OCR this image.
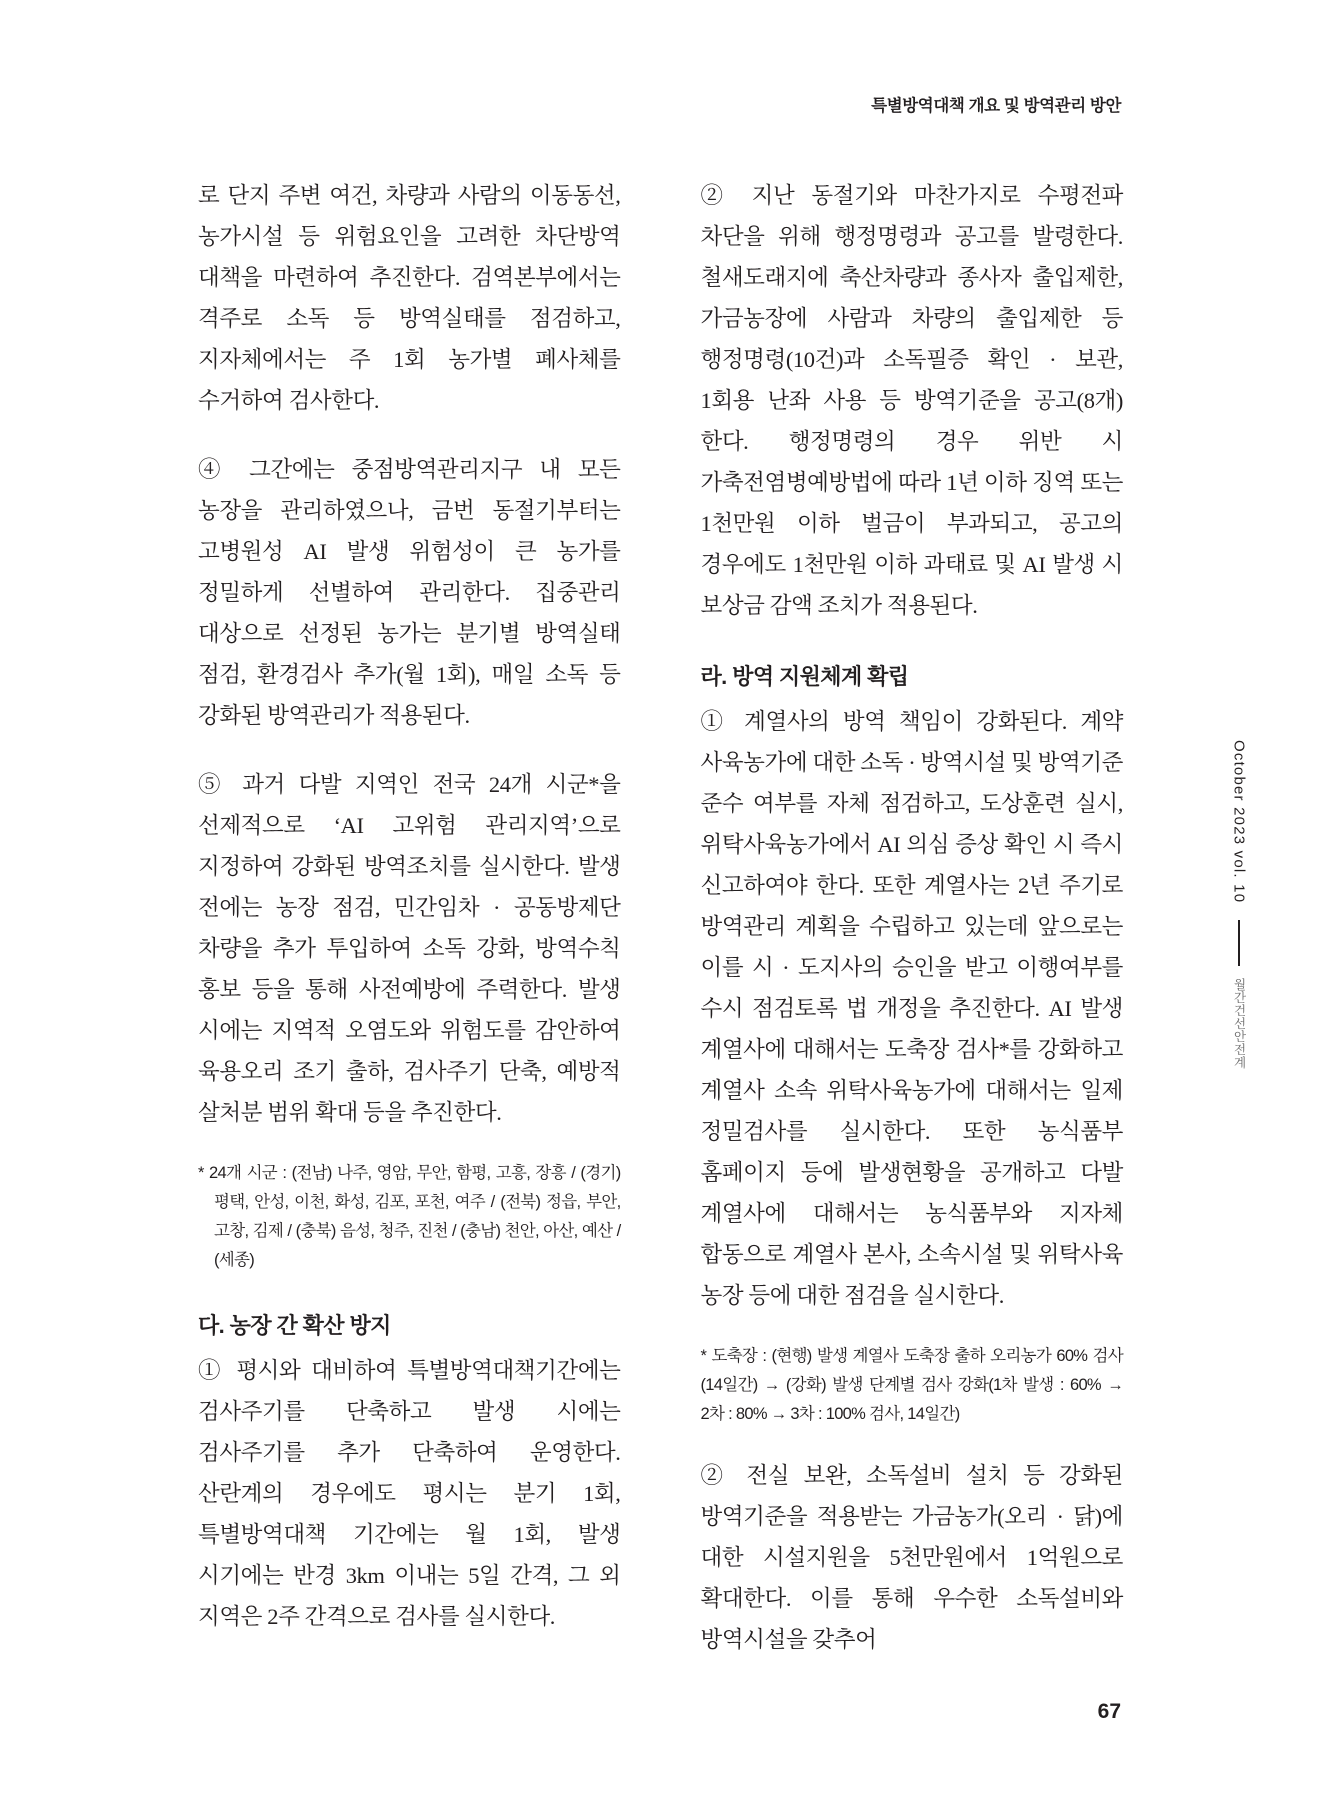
특별방역대책 개요 및 방역관리 방안
October 2023 vol. 10
월간건선안전계

로 단지 주변 여건, 차량과 사람의 이동동선, 농가시설 등 위험요인을 고려한 차단방역 대책을 마련하여 추진한다. 검역본부에서는 격주로 소독 등 방역실태를 점검하고, 지자체에서는 주 1회 농가별 폐사체를 수거하여 검사한다.

④ 그간에는 중점방역관리지구 내 모든 농장을 관리하였으나, 금번 동절기부터는 고병원성 AI 발생 위험성이 큰 농가를 정밀하게 선별하여 관리한다. 집중관리 대상으로 선정된 농가는 분기별 방역실태 점검, 환경검사 추가(월 1회), 매일 소독 등 강화된 방역관리가 적용된다.

⑤ 과거 다발 지역인 전국 24개 시군*을 선제적으로 ‘AI 고위험 관리지역’으로 지정하여 강화된 방역조치를 실시한다. 발생 전에는 농장 점검, 민간임차 · 공동방제단 차량을 추가 투입하여 소독 강화, 방역수칙 홍보 등을 통해 사전예방에 주력한다. 발생 시에는 지역적 오염도와 위험도를 감안하여 육용오리 조기 출하, 검사주기 단축, 예방적 살처분 범위 확대 등을 추진한다.

* 24개 시군 : (전남) 나주, 영암, 무안, 함평, 고흥, 장흥 / (경기) 평택, 안성, 이천, 화성, 김포, 포천, 여주 / (전북) 정읍, 부안, 고창, 김제 / (충북) 음성, 청주, 진천 / (충남) 천안, 아산, 예산 / (세종)

다. 농장 간 확산 방지

① 평시와 대비하여 특별방역대책기간에는 검사주기를 단축하고 발생 시에는 검사주기를 추가 단축하여 운영한다. 산란계의 경우에도 평시는 분기 1회, 특별방역대책 기간에는 월 1회, 발생 시기에는 반경 3km 이내는 5일 간격, 그 외 지역은 2주 간격으로 검사를 실시한다.

② 지난 동절기와 마찬가지로 수평전파 차단을 위해 행정명령과 공고를 발령한다. 철새도래지에 축산차량과 종사자 출입제한, 가금농장에 사람과 차량의 출입제한 등 행정명령(10건)과 소독필증 확인 · 보관, 1회용 난좌 사용 등 방역기준을 공고(8개)한다. 행정명령의 경우 위반 시 가축전염병예방법에 따라 1년 이하 징역 또는 1천만원 이하 벌금이 부과되고, 공고의 경우에도 1천만원 이하 과태료 및 AI 발생 시 보상금 감액 조치가 적용된다.

라. 방역 지원체계 확립

① 계열사의 방역 책임이 강화된다. 계약 사육농가에 대한 소독 · 방역시설 및 방역기준 준수 여부를 자체 점검하고, 도상훈련 실시, 위탁사육농가에서 AI 의심 증상 확인 시 즉시 신고하여야 한다. 또한 계열사는 2년 주기로 방역관리 계획을 수립하고 있는데 앞으로는 이를 시 · 도지사의 승인을 받고 이행여부를 수시 점검토록 법 개정을 추진한다. AI 발생 계열사에 대해서는 도축장 검사*를 강화하고 계열사 소속 위탁사육농가에 대해서는 일제 정밀검사를 실시한다. 또한 농식품부 홈페이지 등에 발생현황을 공개하고 다발 계열사에 대해서는 농식품부와 지자체 합동으로 계열사 본사, 소속시설 및 위탁사육 농장 등에 대한 점검을 실시한다.

* 도축장 : (현행) 발생 계열사 도축장 출하 오리농가 60% 검사(14일간) → (강화) 발생 단계별 검사 강화(1차 발생 : 60% → 2차 : 80% → 3차 : 100% 검사, 14일간)

② 전실 보완, 소독설비 설치 등 강화된 방역기준을 적용받는 가금농가(오리 · 닭)에 대한 시설지원을 5천만원에서 1억원으로 확대한다. 이를 통해 우수한 소독설비와 방역시설을 갖추어

67
